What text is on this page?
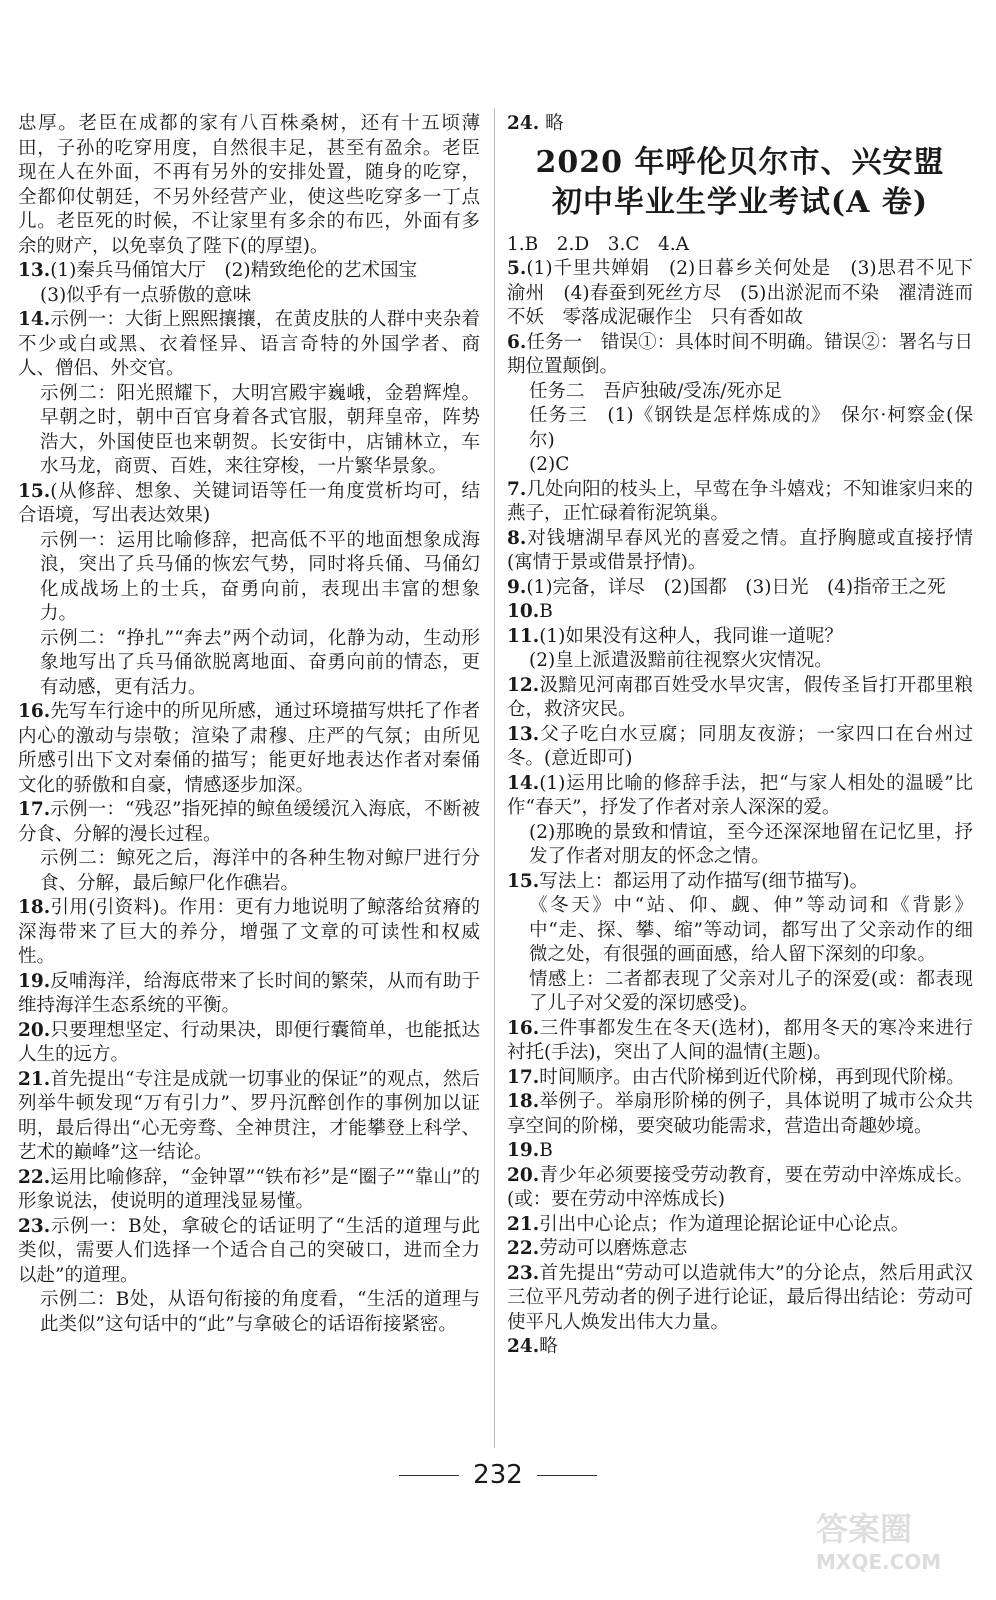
忠厚。老臣在成都的家有八百株桑树，还有十五顷薄田，子孙的吃穿用度，自然很丰足，甚至有盈余。老臣现在人在外面，不再有另外的安排处置，随身的吃穿，全都仰仗朝廷，不另外经营产业，使这些吃穿多一丁点儿。老臣死的时候，不让家里有多余的布匹，外面有多余的财产，以免辜负了陛下(的厚望)。
13.(1)秦兵马俑馆大厅　(2)精致绝伦的艺术国宝
(3)似乎有一点骄傲的意味
14.示例一：大街上熙熙攘攘，在黄皮肤的人群中夹杂着不少或白或黑、衣着怪异、语言奇特的外国学者、商人、僧侣、外交官。
示例二：阳光照耀下，大明宫殿宇巍峨，金碧辉煌。早朝之时，朝中百官身着各式官服，朝拜皇帝，阵势浩大，外国使臣也来朝贺。长安街中，店铺林立，车水马龙，商贾、百姓，来往穿梭，一片繁华景象。
15.(从修辞、想象、关键词语等任一角度赏析均可，结合语境，写出表达效果)
示例一：运用比喻修辞，把高低不平的地面想象成海浪，突出了兵马俑的恢宏气势，同时将兵俑、马俑幻化成战场上的士兵，奋勇向前，表现出丰富的想象力。
示例二：“挣扎”“奔去”两个动词，化静为动，生动形象地写出了兵马俑欲脱离地面、奋勇向前的情态，更有动感，更有活力。
16.先写车行途中的所见所感，通过环境描写烘托了作者内心的激动与崇敬；渲染了肃穆、庄严的气氛；由所见所感引出下文对秦俑的描写；能更好地表达作者对秦俑文化的骄傲和自豪，情感逐步加深。
17.示例一：“残忍”指死掉的鲸鱼缓缓沉入海底，不断被分食、分解的漫长过程。
示例二：鲸死之后，海洋中的各种生物对鲸尸进行分食、分解，最后鲸尸化作礁岩。
18.引用(引资料)。作用：更有力地说明了鲸落给贫瘠的深海带来了巨大的养分，增强了文章的可读性和权威性。
19.反哺海洋，给海底带来了长时间的繁荣，从而有助于维持海洋生态系统的平衡。
20.只要理想坚定、行动果决，即便行囊简单，也能抵达人生的远方。
21.首先提出“专注是成就一切事业的保证”的观点，然后列举牛顿发现“万有引力”、罗丹沉醉创作的事例加以证明，最后得出“心无旁骛、全神贯注，才能攀登上科学、艺术的巅峰”这一结论。
22.运用比喻修辞，“金钟罩”“铁布衫”是“圈子”“靠山”的形象说法，使说明的道理浅显易懂。
23.示例一：B处，拿破仑的话证明了“生活的道理与此类似，需要人们选择一个适合自己的突破口，进而全力以赴”的道理。
示例二：B处，从语句衔接的角度看，“生活的道理与此类似”这句话中的“此”与拿破仑的话语衔接紧密。
24. 略
2020 年呼伦贝尔市、兴安盟
初中毕业生学业考试(A 卷)
1.B　2.D　3.C　4.A
5.(1)千里共婵娟　(2)日暮乡关何处是　(3)思君不见下渝州　(4)春蚕到死丝方尽　(5)出淤泥而不染　濯清涟而不妖　零落成泥碾作尘　只有香如故
6.任务一　错误①：具体时间不明确。错误②：署名与日期位置颠倒。
任务二　吾庐独破/受冻/死亦足
任务三　(1)《钢铁是怎样炼成的》　保尔·柯察金(保尔)
(2)C
7.几处向阳的枝头上，早莺在争斗嬉戏；不知谁家归来的燕子，正忙碌着衔泥筑巢。
8.对钱塘湖早春风光的喜爱之情。直抒胸臆或直接抒情(寓情于景或借景抒情)。
9.(1)完备，详尽　(2)国都　(3)日光　(4)指帝王之死
10.B
11.(1)如果没有这种人，我同谁一道呢？
(2)皇上派遣汲黯前往视察火灾情况。
12.汲黯见河南郡百姓受水旱灾害，假传圣旨打开郡里粮仓，救济灾民。
13.父子吃白水豆腐；同朋友夜游；一家四口在台州过冬。(意近即可)
14.(1)运用比喻的修辞手法，把“与家人相处的温暖”比作“春天”，抒发了作者对亲人深深的爱。
(2)那晚的景致和情谊，至今还深深地留在记忆里，抒发了作者对朋友的怀念之情。
15.写法上：都运用了动作描写(细节描写)。
《冬天》中“站、仰、觑、伸”等动词和《背影》中“走、探、攀、缩”等动词，都写出了父亲动作的细微之处，有很强的画面感，给人留下深刻的印象。
情感上：二者都表现了父亲对儿子的深爱(或：都表现了儿子对父爱的深切感受)。
16.三件事都发生在冬天(选材)，都用冬天的寒冷来进行衬托(手法)，突出了人间的温情(主题)。
17.时间顺序。由古代阶梯到近代阶梯，再到现代阶梯。
18.举例子。举扇形阶梯的例子，具体说明了城市公众共享空间的阶梯，要突破功能需求，营造出奇趣妙境。
19.B
20.青少年必须要接受劳动教育，要在劳动中淬炼成长。(或：要在劳动中淬炼成长)
21.引出中心论点；作为道理论据论证中心论点。
22.劳动可以磨炼意志
23.首先提出“劳动可以造就伟大”的分论点，然后用武汉三位平凡劳动者的例子进行论证，最后得出结论：劳动可使平凡人焕发出伟大力量。
24.略
232
答案圈
MXQE.COM
